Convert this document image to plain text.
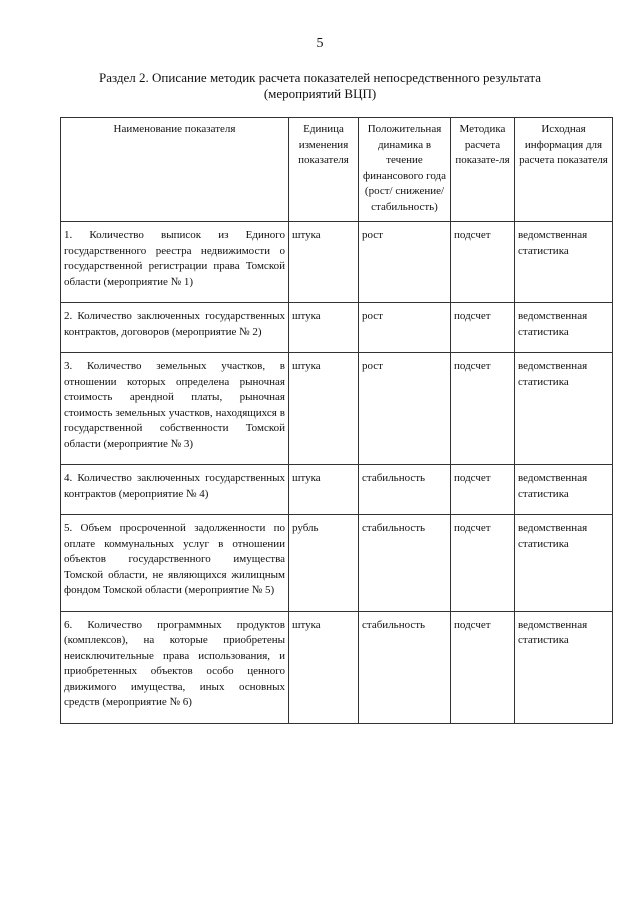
5
Раздел 2. Описание методик расчета показателей непосредственного результата
(мероприятий ВЦП)
Наименование показателя	Единица изменения показателя	Положительная динамика в течение финансового года (рост/ снижение/ стабильность)	Методика расчета показате-ля	Исходная информация для расчета показателя
1. Количество выписок из Единого государственного реестра недвижимости о государственной регистрации права Томской области (мероприятие № 1)	штука	рост	подсчет	ведомственная статистика
2. Количество заключенных государственных контрактов, договоров (мероприятие № 2)	штука	рост	подсчет	ведомственная статистика
3. Количество земельных участков, в отношении которых определена рыночная стоимость арендной платы, рыночная стоимость земельных участков, находящихся в государственной собственности Томской области (мероприятие № 3)	штука	рост	подсчет	ведомственная статистика
4. Количество заключенных государственных контрактов (мероприятие № 4)	штука	стабильность	подсчет	ведомственная статистика
5. Объем просроченной задолженности по оплате коммунальных услуг в отношении объектов государственного имущества Томской области, не являющихся жилищным фондом Томской области (мероприятие № 5)	рубль	стабильность	подсчет	ведомственная статистика
6. Количество программных продуктов (комплексов), на которые приобретены неисключительные права использования, и приобретенных объектов особо ценного движимого имущества, иных основных средств (мероприятие № 6)	штука	стабильность	подсчет	ведомственная статистика
